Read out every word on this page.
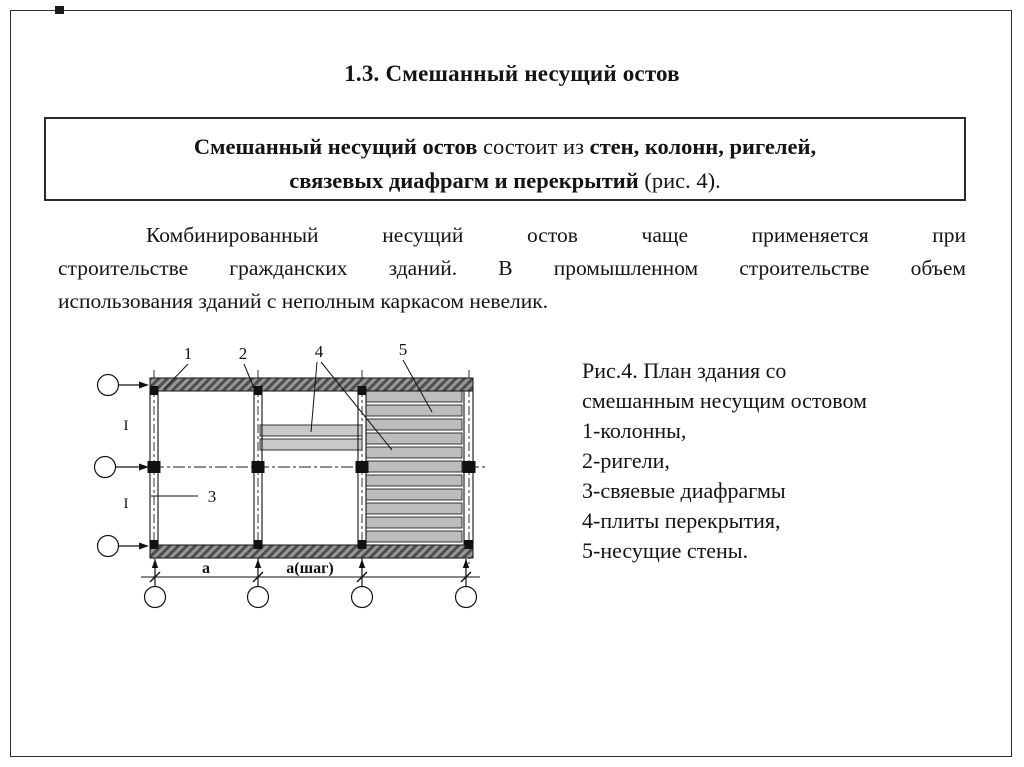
1.3. Смешанный несущий остов
Смешанный несущий остов состоит из стен, колонн, ригелей,
связевых диафрагм и перекрытий (рис. 4).
Комбинированный несущий остов чаще применяется при
строительстве гражданских зданий. В промышленном строительстве объем
использования зданий с неполным каркасом невелик.
I
I
а	а(шаг)
1	2	4	5
3
Рис.4. План здания со
смешанным несущим остовом
1-колонны,
2-ригели,
3-свяевые диафрагмы
4-плиты перекрытия,
5-несущие стены.
